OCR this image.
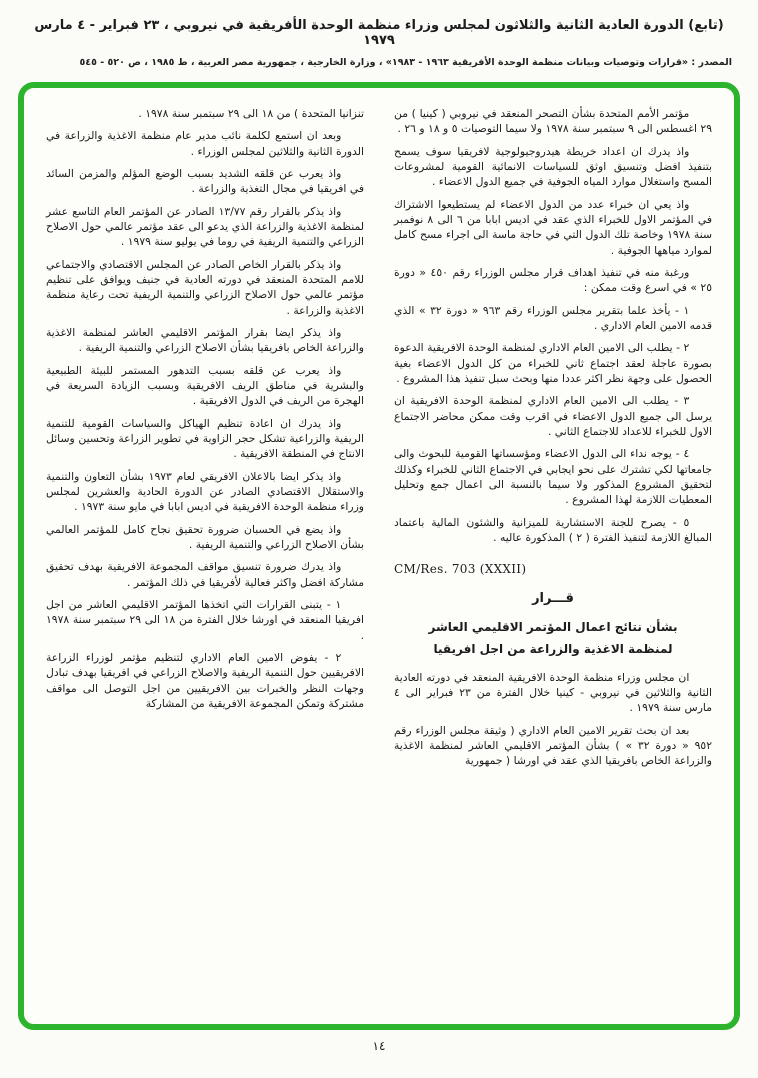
(تابع) الدورة العادية الثانية والثلاثون لمجلس وزراء منظمة الوحدة الأفريقية في نيروبي ، ٢٣ فبراير - ٤ مارس ١٩٧٩
المصدر : «قرارات وتوصيات وبيانات منظمة الوحدة الأفريقية ١٩٦٣ - ١٩٨٣» ، وزارة الخارجية ، جمهورية مصر العربية ، ط ١٩٨٥ ، ص ٥٢٠ - ٥٤٥

مؤتمر الأمم المتحدة بشأن التصحر المنعقد في نيروبي ( كينيا ) من ٢٩ اغسطس الى ٩ سبتمبر سنة ١٩٧٨ ولا سيما التوصيات ٥ و ١٨ و ٢٦ .

واذ يدرك ان اعداد خريطة هيدروجيولوجية لافريقيا سوف يسمح بتنفيذ افضل وتنسيق اوثق للسياسات الانمائية القومية لمشروعات المسح واستغلال موارد المياه الجوفية في جميع الدول الاعضاء .

واذ يعي ان خبراء عدد من الدول الاعضاء لم يستطيعوا الاشتراك في المؤتمر الاول للخبراء الذي عقد في اديس ابابا من ٦ الى ٨ نوفمبر سنة ١٩٧٨ وخاصة تلك الدول التي في حاجة ماسة الى اجراء مسح كامل لموارد مياهها الجوفية .

ورغبة منه في تنفيذ اهداف قرار مجلس الوزراء رقم ٤٥٠ « دورة ٢٥ » في اسرع وقت ممكن :

١ - يأخذ علما بتقرير مجلس الوزراء رقم ٩٦٣ « دورة ٣٢ » الذي قدمه الامين العام الاداري .

٢ - يطلب الى الامين العام الاداري لمنظمة الوحدة الافريقية الدعوة بصورة عاجلة لعقد اجتماع ثاني للخبراء من كل الدول الاعضاء بغية الحصول على وجهة نظر اكثر عددا منها وبحث سبل تنفيذ هذا المشروع .

٣ - يطلب الى الامين العام الاداري لمنظمة الوحدة الافريقية ان يرسل الى جميع الدول الاعضاء في اقرب وقت ممكن محاضر الاجتماع الاول للخبراء للاعداد للاجتماع الثاني .

٤ - يوجه نداء الى الدول الاعضاء ومؤسساتها القومية للبحوث والى جامعاتها لكي تشترك على نحو ايجابي في الاجتماع الثاني للخبراء وكذلك لتحقيق المشروع المذكور ولا سيما بالنسبة الى اعمال جمع وتحليل المعطيات اللازمة لهذا المشروع .

٥ - يصرح للجنة الاستشارية للميزانية والشئون المالية باعتماد المبالغ اللازمة لتنفيذ الفترة ( ٢ ) المذكورة عاليه .

CM/Res. 703 (XXXII)
قـــرار
بشأن نتائج اعمال المؤتمر الاقليمي العاشر
لمنظمة الاغذية والزراعة من اجل افريقيا

ان مجلس وزراء منظمة الوحدة الافريقية المنعقد في دورته العادية الثانية والثلاثين في نيروبي - كينيا خلال الفترة من ٢٣ فبراير الى ٤ مارس سنة ١٩٧٩ .

بعد ان بحث تقرير الامين العام الاداري ( وثيقة مجلس الوزراء رقم ٩٥٢ « دورة ٣٢ » ) بشأن المؤتمر الاقليمي العاشر لمنظمة الاغذية والزراعة الخاص بافريقيا الذي عقد في اورشا ( جمهورية

تنزانيا المتحدة ) من ١٨ الى ٢٩ سبتمبر سنة ١٩٧٨ .

وبعد ان استمع لكلمة نائب مدير عام منظمة الاغذية والزراعة في الدورة الثانية والثلاثين لمجلس الوزراء .

واذ يعرب عن قلقه الشديد بسبب الوضع المؤلم والمزمن السائد في افريقيا في مجال التغذية والزراعة .

واذ يذكر بالقرار رقم ١٣/٧٧ الصادر عن المؤتمر العام التاسع عشر لمنظمة الاغذية والزراعة الذي يدعو الى عقد مؤتمر عالمي حول الاصلاح الزراعي والتنمية الريفية في روما في يوليو سنة ١٩٧٩ .

واذ يذكر بالقرار الخاص الصادر عن المجلس الاقتصادي والاجتماعي للامم المتحدة المنعقد في دورته العادية في جنيف ويوافق على تنظيم مؤتمر عالمي حول الاصلاح الزراعي والتنمية الريفية تحت رعاية منظمة الاغذية والزراعة .

واذ يذكر ايضا بقرار المؤتمر الاقليمي العاشر لمنظمة الاغذية والزراعة الخاص بافريقيا بشأن الاصلاح الزراعي والتنمية الريفية .

واذ يعرب عن قلقه بسبب التدهور المستمر للبيئة الطبيعية والبشرية في مناطق الريف الافريقية وبسبب الزيادة السريعة في الهجرة من الريف في الدول الافريقية .

واذ يدرك ان اعادة تنظيم الهياكل والسياسات القومية للتنمية الريفية والزراعية تشكل حجر الزاوية في تطوير الزراعة وتحسين وسائل الانتاج في المنطقة الافريقية .

واذ يذكر ايضا بالاعلان الافريقي لعام ١٩٧٣ بشأن التعاون والتنمية والاستقلال الاقتصادي الصادر عن الدورة الحادية والعشرين لمجلس وزراء منظمة الوحدة الافريقية في اديس ابابا في مايو سنة ١٩٧٣ .

واذ يضع في الحسبان ضرورة تحقيق نجاح كامل للمؤتمر العالمي بشأن الاصلاح الزراعي والتنمية الريفية .

واذ يدرك ضرورة تنسيق مواقف المجموعة الافريقية بهدف تحقيق مشاركة افضل واكثر فعالية لأفريقيا في ذلك المؤتمر .

١ - يتبنى القرارات التي اتخذها المؤتمر الاقليمي العاشر من اجل افريقيا المنعقد في اورشا خلال الفترة من ١٨ الى ٢٩ سبتمبر سنة ١٩٧٨ .

٢ - يفوض الامين العام الاداري لتنظيم مؤتمر لوزراء الزراعة الافريقيين حول التنمية الريفية والاصلاح الزراعي في افريقيا بهدف تبادل وجهات النظر والخبرات بين الافريقيين من اجل التوصل الى مواقف مشتركة وتمكن المجموعة الافريقية من المشاركة

١٤
